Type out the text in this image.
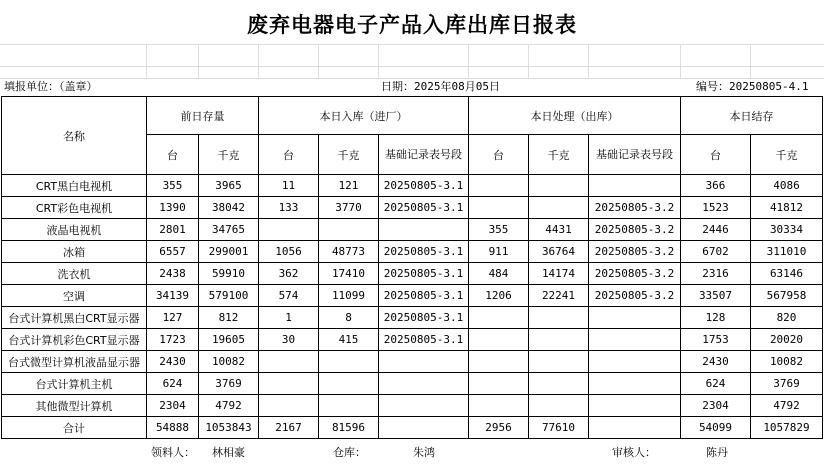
废弃电器电子产品入库出库日报表
填报单位：（盖章）	日期：2025年08月05日	编号：20250805-4.1
名称	前日存量		本日入库（进厂）			本日处理（出库）			本日结存	
	台	千克	台	千克	基础记录表号段	台	千克	基础记录表号段	台	千克
CRT黑白电视机	355	3965	11	121	20250805-3.1				366	4086
CRT彩色电视机	1390	38042	133	3770	20250805-3.1			20250805-3.2	1523	41812
液晶电视机	2801	34765				355	4431	20250805-3.2	2446	30334
冰箱	6557	299001	1056	48773	20250805-3.1	911	36764	20250805-3.2	6702	311010
洗衣机	2438	59910	362	17410	20250805-3.1	484	14174	20250805-3.2	2316	63146
空调	34139	579100	574	11099	20250805-3.1	1206	22241	20250805-3.2	33507	567958
台式计算机黑白CRT显示器	127	812	1	8	20250805-3.1				128	820
台式计算机彩色CRT显示器	1723	19605	30	415	20250805-3.1				1753	20020
台式微型计算机液晶显示器	2430	10082							2430	10082
台式计算机主机	624	3769							624	3769
其他微型计算机	2304	4792							2304	4792
合计	54888	1053843	2167	81596		2956	77610		54099	1057829
领料人： 林相豪	仓库：	朱鸿	审核人：	陈丹
